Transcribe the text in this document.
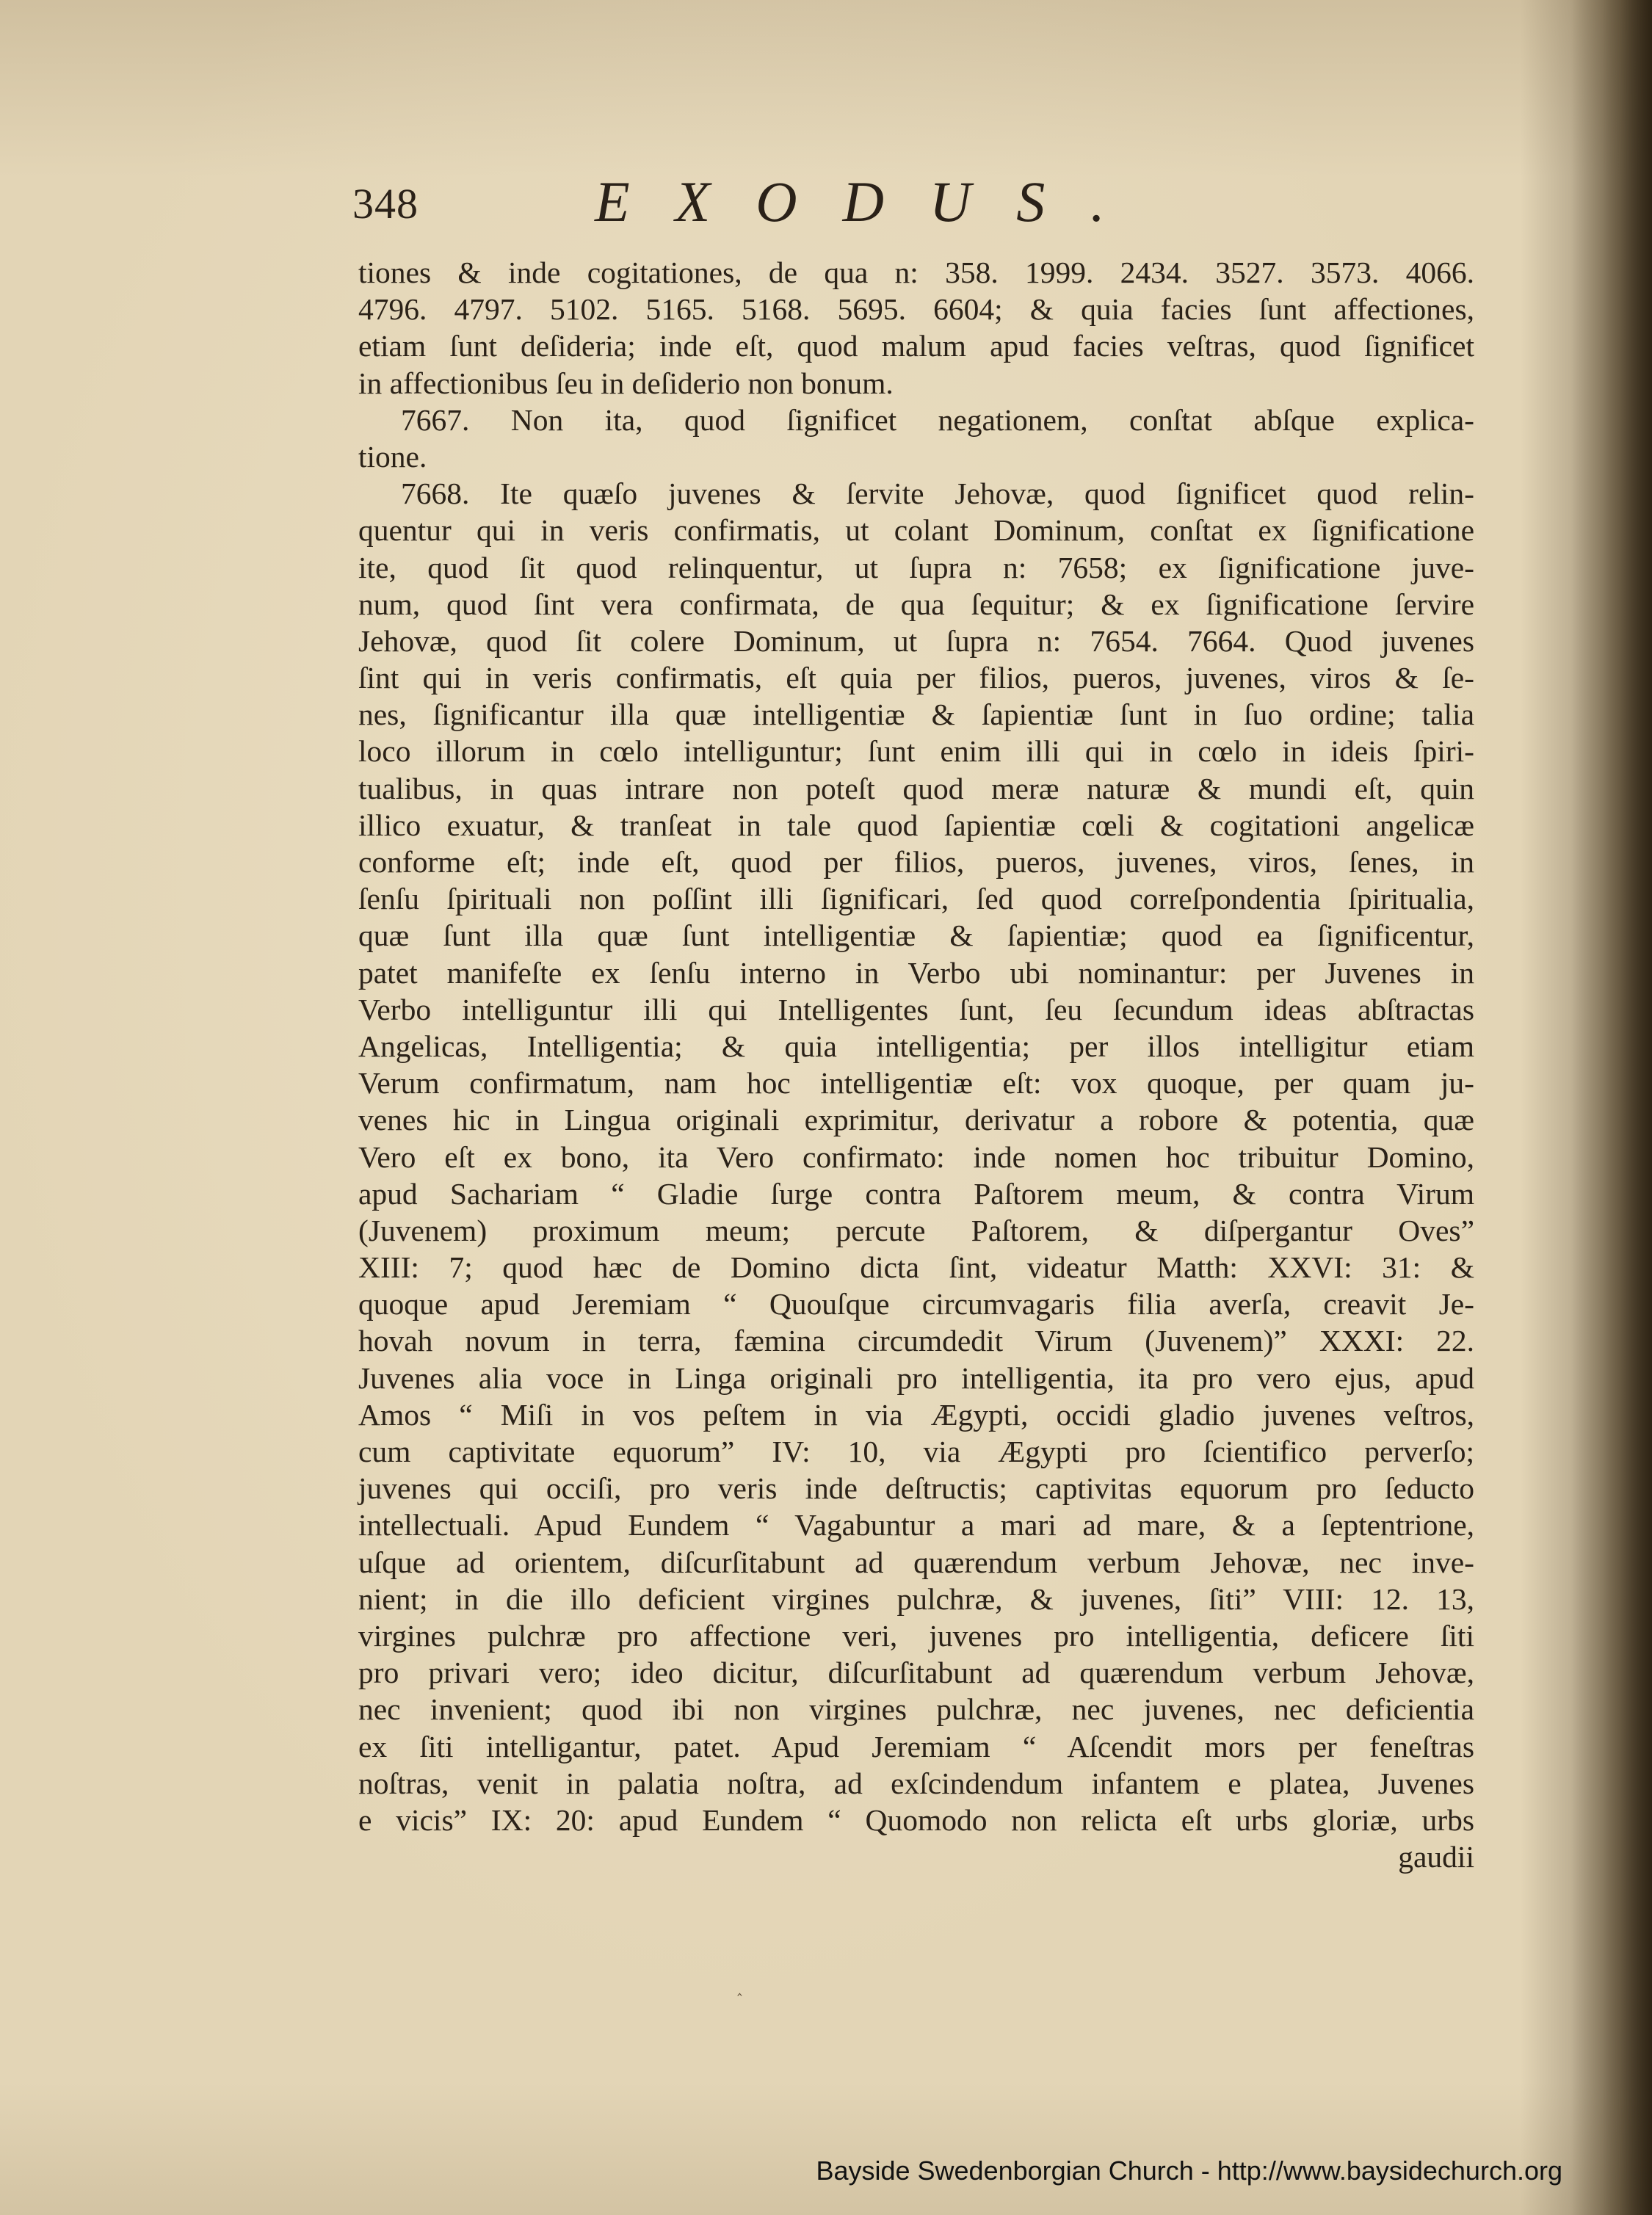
348	EXODUS.
tiones & inde cogitationes, de qua n: 358. 1999. 2434. 3527. 3573. 4066.
4796. 4797. 5102. 5165. 5168. 5695. 6604; & quia facies ſunt affectiones,
etiam ſunt deſideria; inde eſt, quod malum apud facies veſtras, quod ſignificet
in affectionibus ſeu in deſiderio non bonum.
7667. Non ita, quod ſignificet negationem, conſtat abſque explica-
tione.
7668. Ite quæſo juvenes & ſervite Jehovæ, quod ſignificet quod relin-
quentur qui in veris confirmatis, ut colant Dominum, conſtat ex ſignificatione
ite, quod ſit quod relinquentur, ut ſupra n: 7658; ex ſignificatione juve-
num, quod ſint vera confirmata, de qua ſequitur; & ex ſignificatione ſervire
Jehovæ, quod ſit colere Dominum, ut ſupra n: 7654. 7664. Quod juvenes
ſint qui in veris confirmatis, eſt quia per filios, pueros, juvenes, viros & ſe-
nes, ſignificantur illa quæ intelligentiæ & ſapientiæ ſunt in ſuo ordine; talia
loco illorum in cœlo intelliguntur; ſunt enim illi qui in cœlo in ideis ſpiri-
tualibus, in quas intrare non poteſt quod meræ naturæ & mundi eſt, quin
illico exuatur, & tranſeat in tale quod ſapientiæ cœli & cogitationi angelicæ
conforme eſt; inde eſt, quod per filios, pueros, juvenes, viros, ſenes, in
ſenſu ſpirituali non poſſint illi ſignificari, ſed quod correſpondentia ſpiritualia,
quæ ſunt illa quæ ſunt intelligentiæ & ſapientiæ; quod ea ſignificentur,
patet manifeſte ex ſenſu interno in Verbo ubi nominantur: per Juvenes in
Verbo intelliguntur illi qui Intelligentes ſunt, ſeu ſecundum ideas abſtractas
Angelicas, Intelligentia; & quia intelligentia; per illos intelligitur etiam
Verum confirmatum, nam hoc intelligentiæ eſt: vox quoque, per quam ju-
venes hic in Lingua originali exprimitur, derivatur a robore & potentia, quæ
Vero eſt ex bono, ita Vero confirmato: inde nomen hoc tribuitur Domino,
apud Sachariam “ Gladie ſurge contra Paſtorem meum, & contra Virum
(Juvenem) proximum meum; percute Paſtorem, & diſpergantur Oves”
XIII: 7; quod hæc de Domino dicta ſint, videatur Matth: XXVI: 31: &
quoque apud Jeremiam “ Quouſque circumvagaris filia averſa, creavit Je-
hovah novum in terra, fæmina circumdedit Virum (Juvenem)” XXXI: 22.
Juvenes alia voce in Linga originali pro intelligentia, ita pro vero ejus, apud
Amos “ Miſi in vos peſtem in via Ægypti, occidi gladio juvenes veſtros,
cum captivitate equorum” IV: 10, via Ægypti pro ſcientifico perverſo;
juvenes qui occiſi, pro veris inde deſtructis; captivitas equorum pro ſeducto
intellectuali. Apud Eundem “ Vagabuntur a mari ad mare, & a ſeptentrione,
uſque ad orientem, diſcurſitabunt ad quærendum verbum Jehovæ, nec inve-
nient; in die illo deficient virgines pulchræ, & juvenes, ſiti” VIII: 12. 13,
virgines pulchræ pro affectione veri, juvenes pro intelligentia, deficere ſiti
pro privari vero; ideo dicitur, diſcurſitabunt ad quærendum verbum Jehovæ,
nec invenient; quod ibi non virgines pulchræ, nec juvenes, nec deficientia
ex ſiti intelligantur, patet. Apud Jeremiam “ Aſcendit mors per feneſtras
noſtras, venit in palatia noſtra, ad exſcindendum infantem e platea, Juvenes
e vicis” IX: 20: apud Eundem “ Quomodo non relicta eſt urbs gloriæ, urbs
gaudii
‸
Bayside Swedenborgian Church - http://www.baysidechurch.org
